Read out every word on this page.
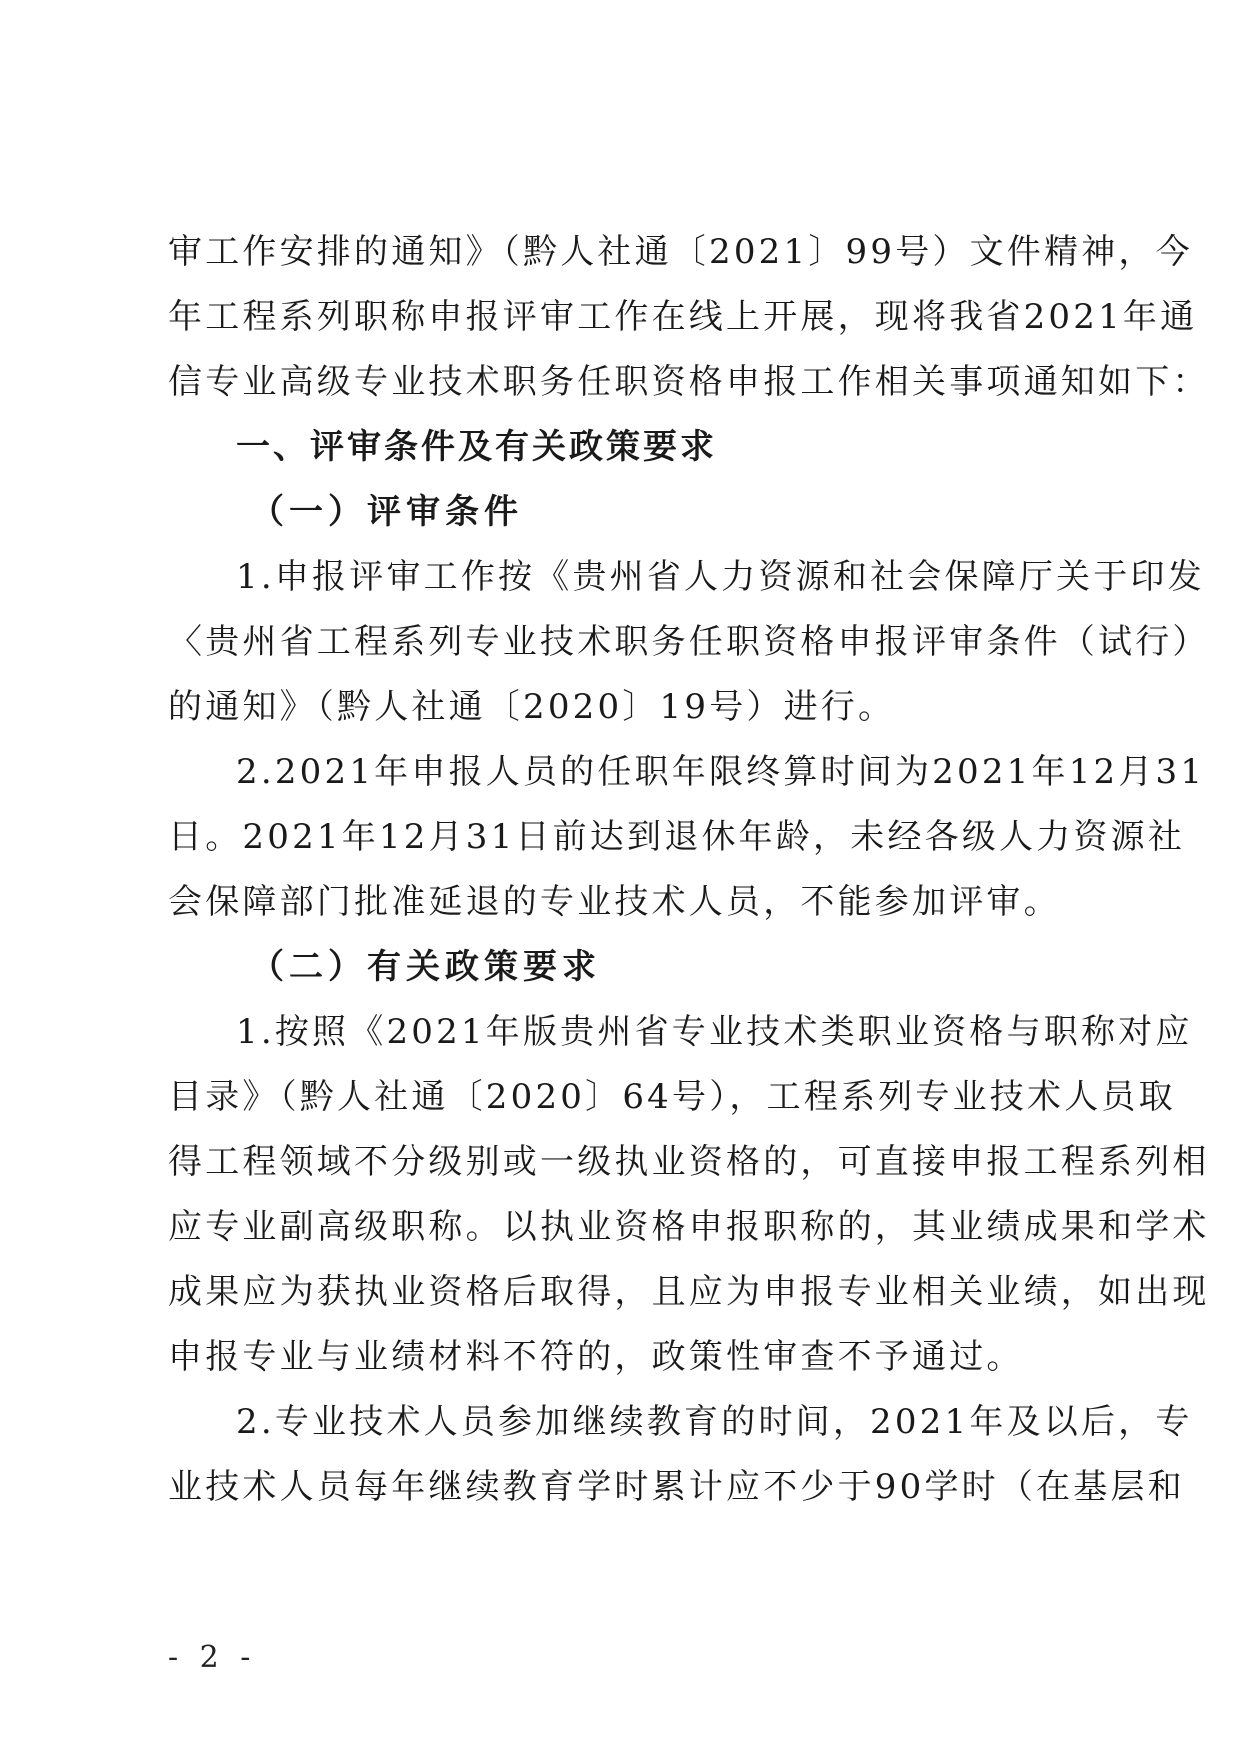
审工作安排的通知》（黔人社通〔2021〕99号）文件精神，今
年工程系列职称申报评审工作在线上开展，现将我省2021年通
信专业高级专业技术职务任职资格申报工作相关事项通知如下：

一、评审条件及有关政策要求

（一）评审条件

1.申报评审工作按《贵州省人力资源和社会保障厅关于印发
〈贵州省工程系列专业技术职务任职资格申报评审条件（试行）
的通知》（黔人社通〔2020〕19号）进行。

2.2021年申报人员的任职年限终算时间为2021年12月31
日。2021年12月31日前达到退休年龄，未经各级人力资源社
会保障部门批准延退的专业技术人员，不能参加评审。

（二）有关政策要求

1.按照《2021年版贵州省专业技术类职业资格与职称对应
目录》（黔人社通〔2020〕64号），工程系列专业技术人员取
得工程领域不分级别或一级执业资格的，可直接申报工程系列相
应专业副高级职称。以执业资格申报职称的，其业绩成果和学术
成果应为获执业资格后取得，且应为申报专业相关业绩，如出现
申报专业与业绩材料不符的，政策性审查不予通过。

2.专业技术人员参加继续教育的时间，2021年及以后，专
业技术人员每年继续教育学时累计应不少于90学时（在基层和

- 2 -
